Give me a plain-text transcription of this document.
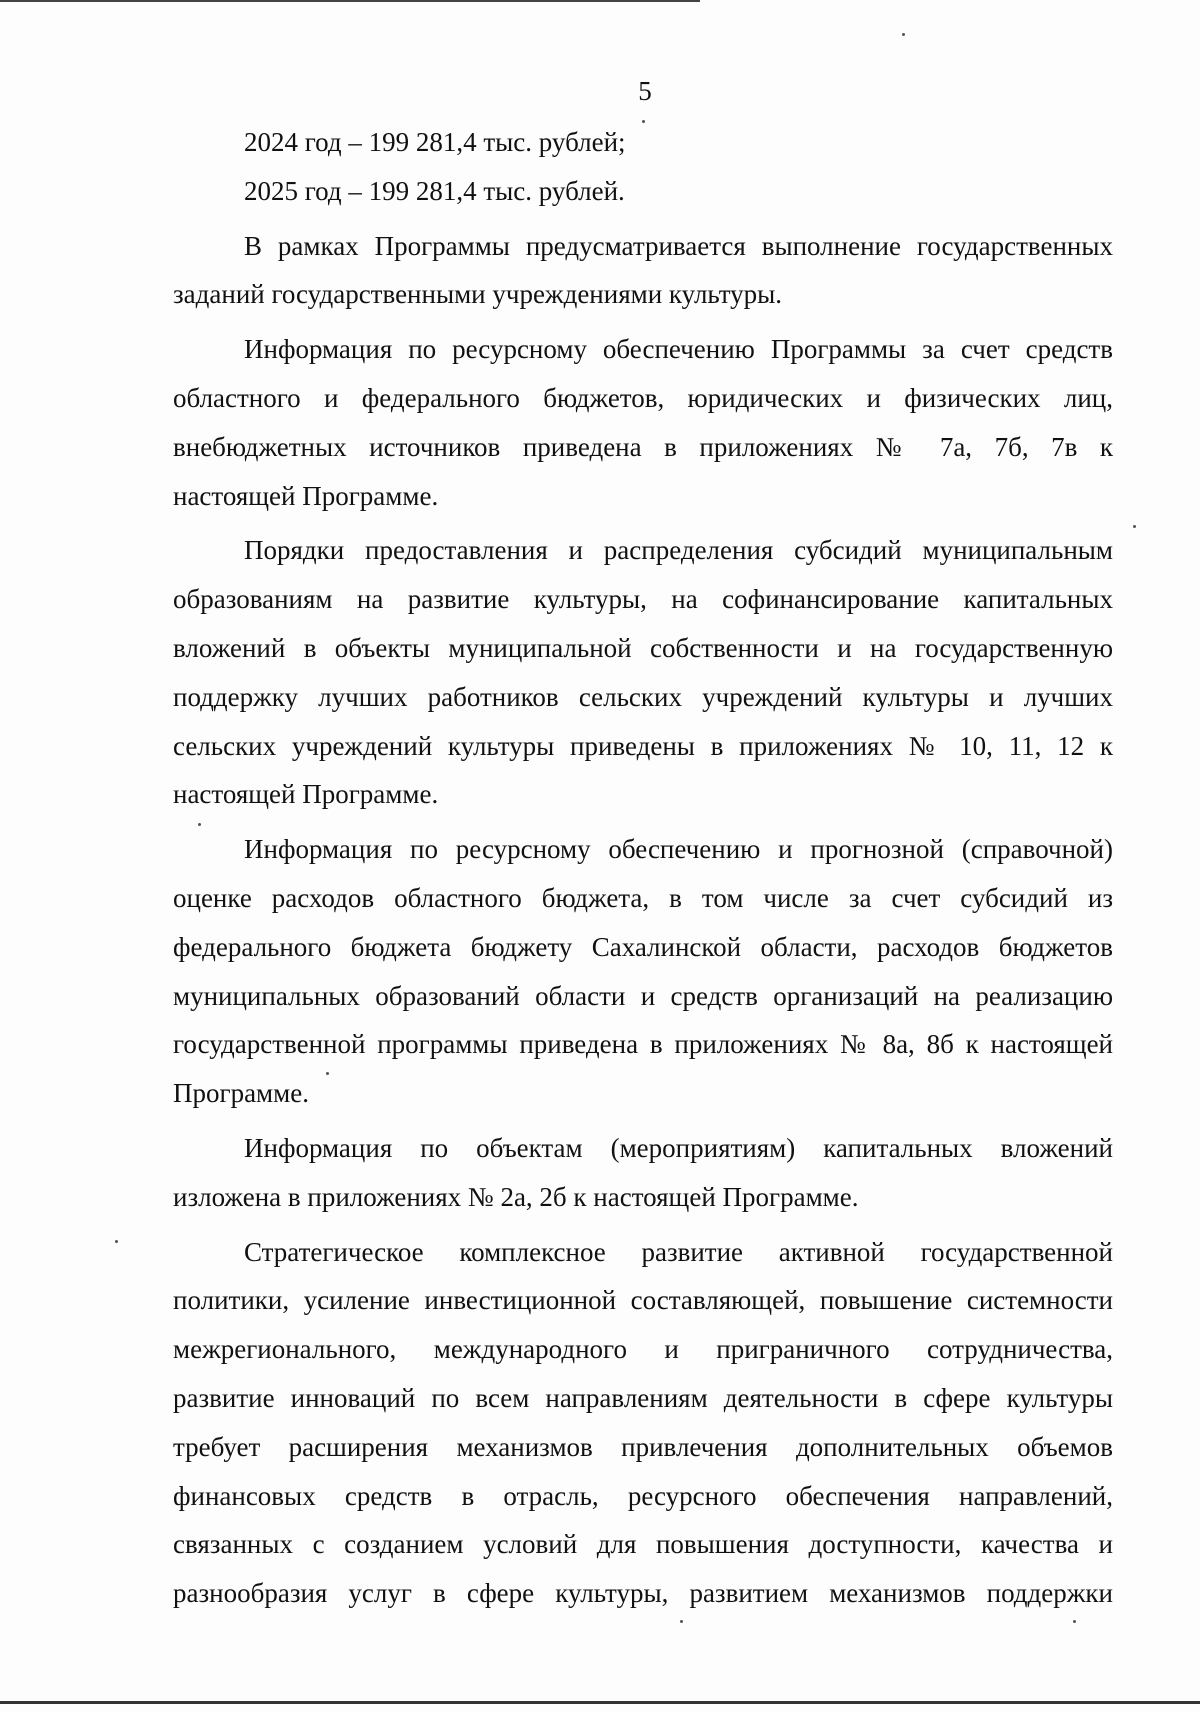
5
2024 год – 199 281,4 тыс. рублей;
2025 год – 199 281,4 тыс. рублей.
В рамках Программы предусматривается выполнение государственных
заданий государственными учреждениями культуры.
Информация по ресурсному обеспечению Программы за счет средств
областного и федерального бюджетов, юридических и физических лиц,
внебюджетных источников приведена в приложениях № 7а, 7б, 7в к
настоящей Программе.
Порядки предоставления и распределения субсидий муниципальным
образованиям на развитие культуры, на софинансирование капитальных
вложений в объекты муниципальной собственности и на государственную
поддержку лучших работников сельских учреждений культуры и лучших
сельских учреждений культуры приведены в приложениях № 10, 11, 12 к
настоящей Программе.
Информация по ресурсному обеспечению и прогнозной (справочной)
оценке расходов областного бюджета, в том числе за счет субсидий из
федерального бюджета бюджету Сахалинской области, расходов бюджетов
муниципальных образований области и средств организаций на реализацию
государственной программы приведена в приложениях № 8а, 8б к настоящей
Программе.
Информация по объектам (мероприятиям) капитальных вложений
изложена в приложениях № 2а, 2б к настоящей Программе.
Стратегическое комплексное развитие активной государственной
политики, усиление инвестиционной составляющей, повышение системности
межрегионального, международного и приграничного сотрудничества,
развитие инноваций по всем направлениям деятельности в сфере культуры
требует расширения механизмов привлечения дополнительных объемов
финансовых средств в отрасль, ресурсного обеспечения направлений,
связанных с созданием условий для повышения доступности, качества и
разнообразия услуг в сфере культуры, развитием механизмов поддержки
